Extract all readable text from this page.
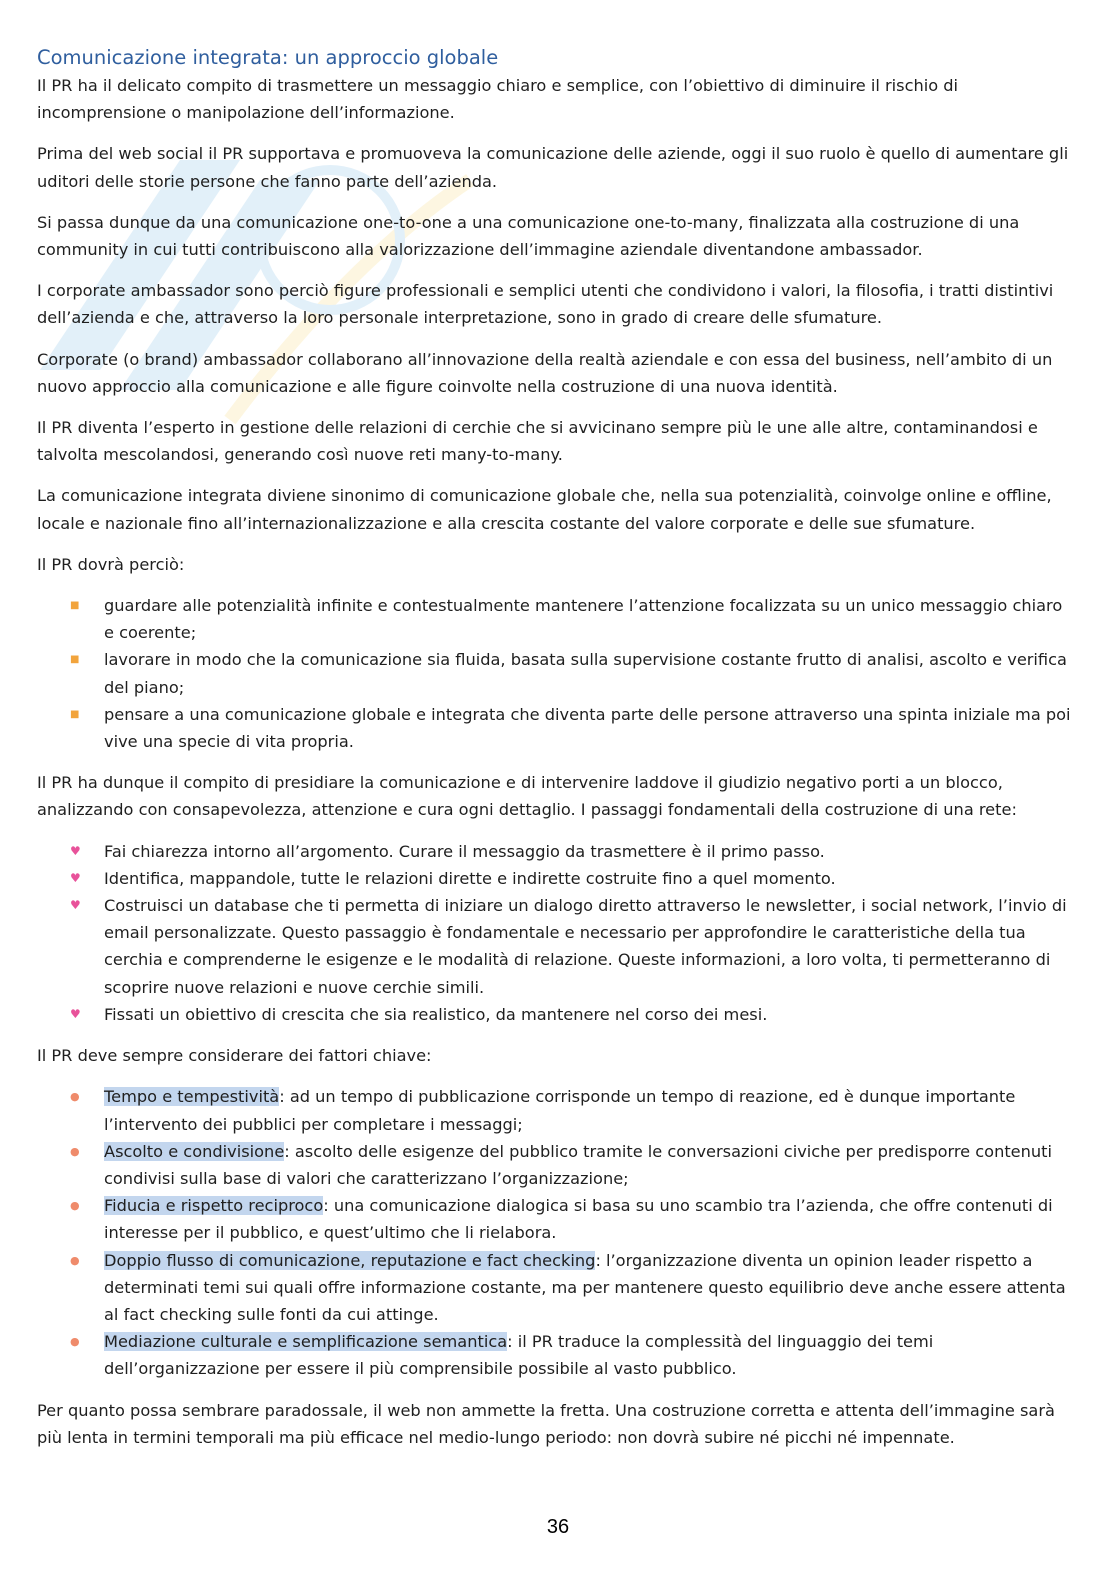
Comunicazione integrata: un approccio globale

Il PR ha il delicato compito di trasmettere un messaggio chiaro e semplice, con l’obiettivo di diminuire il rischio di incomprensione o manipolazione dell’informazione.

Prima del web social il PR supportava e promuoveva la comunicazione delle aziende, oggi il suo ruolo è quello di aumentare gli uditori delle storie persone che fanno parte dell’azienda.

Si passa dunque da una comunicazione one-to-one a una comunicazione one-to-many, finalizzata alla costruzione di una community in cui tutti contribuiscono alla valorizzazione dell’immagine aziendale diventandone ambassador.

I corporate ambassador sono perciò figure professionali e semplici utenti che condividono i valori, la filosofia, i tratti distintivi dell’azienda e che, attraverso la loro personale interpretazione, sono in grado di creare delle sfumature.

Corporate (o brand) ambassador collaborano all’innovazione della realtà aziendale e con essa del business, nell’ambito di un nuovo approccio alla comunicazione e alle figure coinvolte nella costruzione di una nuova identità.

Il PR diventa l’esperto in gestione delle relazioni di cerchie che si avvicinano sempre più le une alle altre, contaminandosi e talvolta mescolandosi, generando così nuove reti many-to-many.

La comunicazione integrata diviene sinonimo di comunicazione globale che, nella sua potenzialità, coinvolge online e offline, locale e nazionale fino all’internazionalizzazione e alla crescita costante del valore corporate e delle sue sfumature.

Il PR dovrà perciò:

■ guardare alle potenzialità infinite e contestualmente mantenere l’attenzione focalizzata su un unico messaggio chiaro e coerente;
■ lavorare in modo che la comunicazione sia fluida, basata sulla supervisione costante frutto di analisi, ascolto e verifica del piano;
■ pensare a una comunicazione globale e integrata che diventa parte delle persone attraverso una spinta iniziale ma poi vive una specie di vita propria.

Il PR ha dunque il compito di presidiare la comunicazione e di intervenire laddove il giudizio negativo porti a un blocco, analizzando con consapevolezza, attenzione e cura ogni dettaglio. I passaggi fondamentali della costruzione di una rete:

♥ Fai chiarezza intorno all’argomento. Curare il messaggio da trasmettere è il primo passo.
♥ Identifica, mappandole, tutte le relazioni dirette e indirette costruite fino a quel momento.
♥ Costruisci un database che ti permetta di iniziare un dialogo diretto attraverso le newsletter, i social network, l’invio di email personalizzate. Questo passaggio è fondamentale e necessario per approfondire le caratteristiche della tua cerchia e comprenderne le esigenze e le modalità di relazione. Queste informazioni, a loro volta, ti permetteranno di scoprire nuove relazioni e nuove cerchie simili.
♥ Fissati un obiettivo di crescita che sia realistico, da mantenere nel corso dei mesi.

Il PR deve sempre considerare dei fattori chiave:

● Tempo e tempestività: ad un tempo di pubblicazione corrisponde un tempo di reazione, ed è dunque importante l’intervento dei pubblici per completare i messaggi;
● Ascolto e condivisione: ascolto delle esigenze del pubblico tramite le conversazioni civiche per predisporre contenuti condivisi sulla base di valori che caratterizzano l’organizzazione;
● Fiducia e rispetto reciproco: una comunicazione dialogica si basa su uno scambio tra l’azienda, che offre contenuti di interesse per il pubblico, e quest’ultimo che li rielabora.
● Doppio flusso di comunicazione, reputazione e fact checking: l’organizzazione diventa un opinion leader rispetto a determinati temi sui quali offre informazione costante, ma per mantenere questo equilibrio deve anche essere attenta al fact checking sulle fonti da cui attinge.
● Mediazione culturale e semplificazione semantica: il PR traduce la complessità del linguaggio dei temi dell’organizzazione per essere il più comprensibile possibile al vasto pubblico.

Per quanto possa sembrare paradossale, il web non ammette la fretta. Una costruzione corretta e attenta dell’immagine sarà più lenta in termini temporali ma più efficace nel medio-lungo periodo: non dovrà subire né picchi né impennate.

36
